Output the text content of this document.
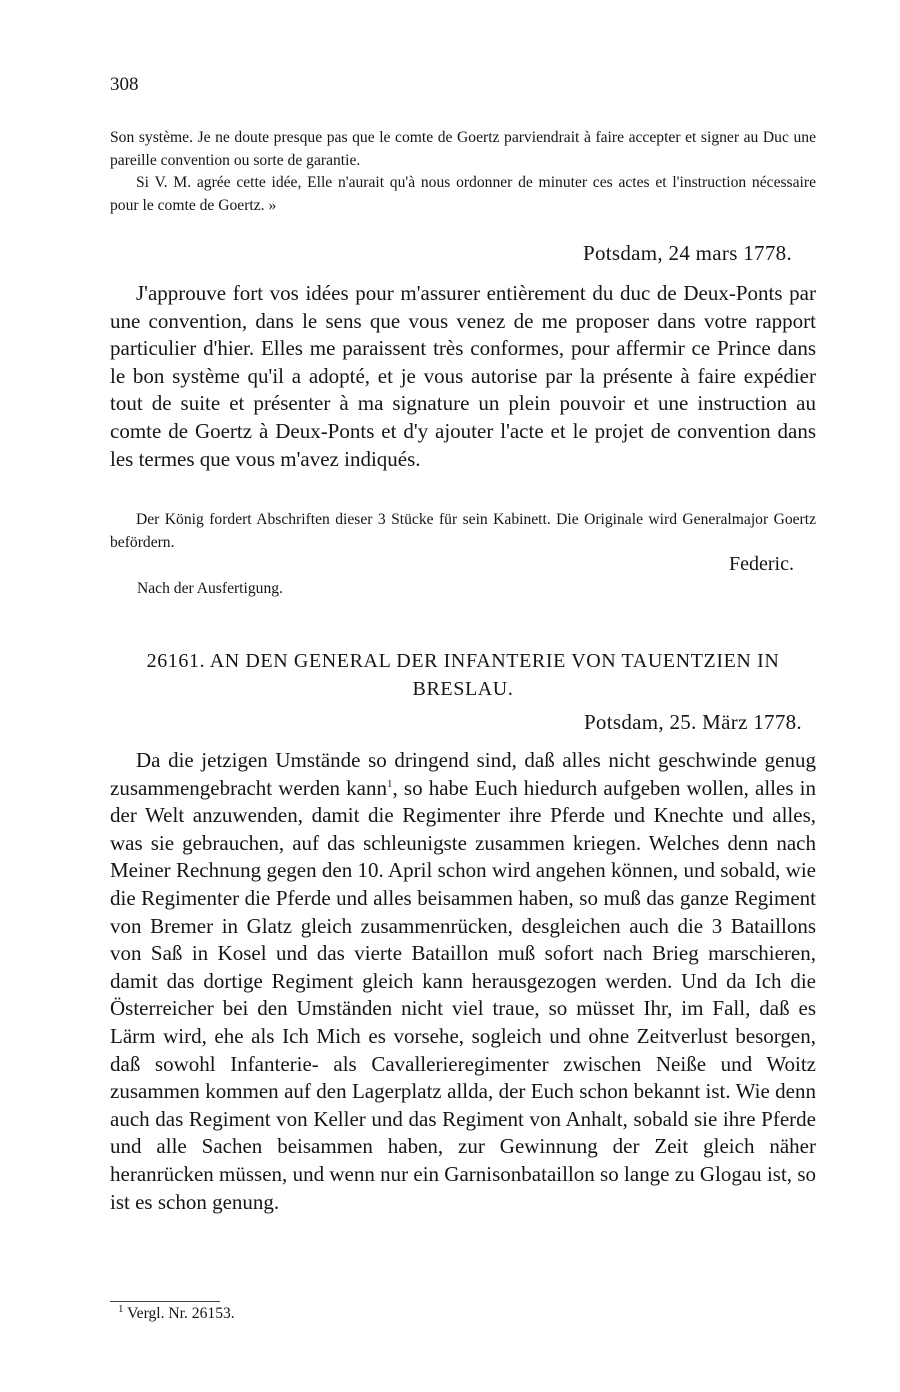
308

Son système. Je ne doute presque pas que le comte de Goertz parviendrait à faire accepter et signer au Duc une pareille convention ou sorte de garantie.

Si V. M. agrée cette idée, Elle n'aurait qu'à nous ordonner de minuter ces actes et l'instruction nécessaire pour le comte de Goertz. »

Potsdam, 24 mars 1778.

J'approuve fort vos idées pour m'assurer entièrement du duc de Deux-Ponts par une convention, dans le sens que vous venez de me proposer dans votre rapport particulier d'hier. Elles me paraissent très conformes, pour affermir ce Prince dans le bon système qu'il a adopté, et je vous autorise par la présente à faire expédier tout de suite et présenter à ma signature un plein pouvoir et une instruction au comte de Goertz à Deux-Ponts et d'y ajouter l'acte et le projet de convention dans les termes que vous m'avez indiqués.

Der König fordert Abschriften dieser 3 Stücke für sein Kabinett. Die Originale wird Generalmajor Goertz befördern.

Federic.
Nach der Ausfertigung.
26161. AN DEN GENERAL DER INFANTERIE VON TAUENTZIEN IN BRESLAU.
Potsdam, 25. März 1778.

Da die jetzigen Umstände so dringend sind, daß alles nicht geschwinde genug zusammengebracht werden kann$^1$, so habe Euch hiedurch aufgeben wollen, alles in der Welt anzuwenden, damit die Regimenter ihre Pferde und Knechte und alles, was sie gebrauchen, auf das schleunigste zusammen kriegen. Welches denn nach Meiner Rechnung gegen den 10. April schon wird angehen können, und sobald, wie die Regimenter die Pferde und alles beisammen haben, so muß das ganze Regiment von Bremer in Glatz gleich zusammenrücken, desgleichen auch die 3 Bataillons von Saß in Kosel und das vierte Bataillon muß sofort nach Brieg marschieren, damit das dortige Regiment gleich kann herausgezogen werden. Und da Ich die Österreicher bei den Umständen nicht viel traue, so müsset Ihr, im Fall, daß es Lärm wird, ehe als Ich Mich es vorsehe, sogleich und ohne Zeitverlust besorgen, daß sowohl Infanterie- als Cavallerieregimenter zwischen Neiße und Woitz zusammen kommen auf den Lagerplatz allda, der Euch schon bekannt ist. Wie denn auch das Regiment von Keller und das Regiment von Anhalt, sobald sie ihre Pferde und alle Sachen beisammen haben, zur Gewinnung der Zeit gleich näher heranrücken müssen, und wenn nur ein Garnisonbataillon so lange zu Glogau ist, so ist es schon genung.

$^1$ Vergl. Nr. 26153.
